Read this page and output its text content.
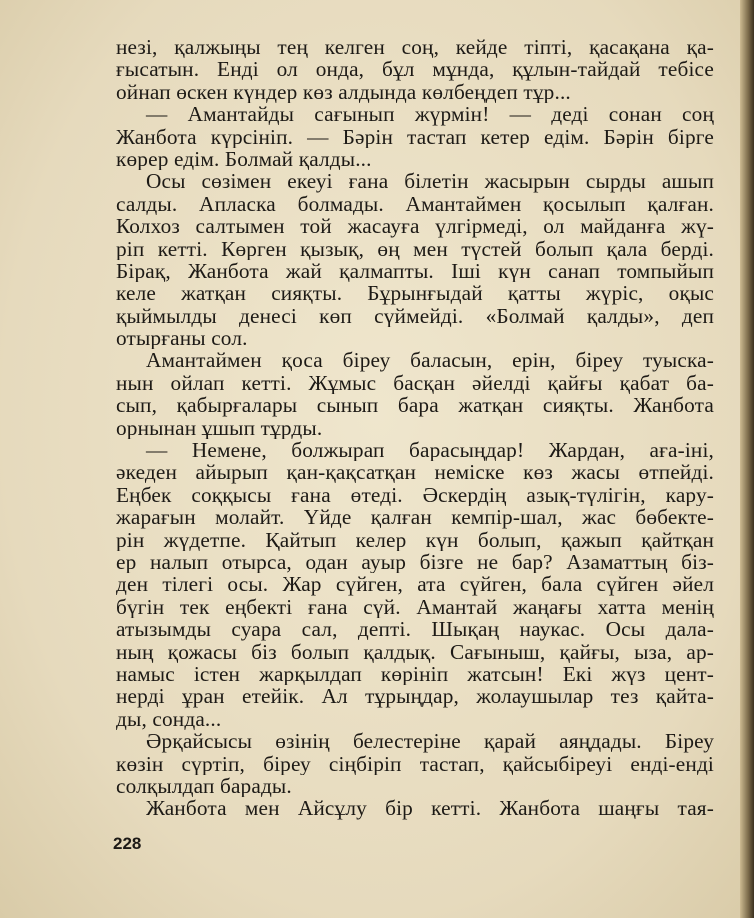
незі, қалжыңы тең келген соң, кейде тіпті, қасақана қа-
ғысатын. Енді ол онда, бұл мұнда, құлын-тайдай тебісе
ойнап өскен күндер көз алдында көлбеңдеп тұр...
— Амантайды сағынып жүрмін! — деді сонан соң
Жанбота күрсініп. — Бәрін тастап кетер едім. Бәрін бірге
көрер едім. Болмай қалды...
Осы сөзімен екеуі ғана білетін жасырын сырды ашып
салды. Апласка болмады. Амантаймен қосылып қалған.
Колхоз салтымен той жасауға үлгірмеді, ол майданға жү-
ріп кетті. Көрген қызық, өң мен түстей болып қала берді.
Бірақ, Жанбота жай қалмапты. Іші күн санап томпыйып
келе жатқан сияқты. Бұрынғыдай қатты жүріс, оқыс
қыймылды денесі көп сүймейді. «Болмай қалды», деп
отырғаны сол.
Амантаймен қоса біреу баласын, ерін, біреу туыска-
нын ойлап кетті. Жұмыс басқан әйелді қайғы қабат ба-
сып, қабырғалары сынып бара жатқан сияқты. Жанбота
орнынан ұшып тұрды.
— Немене, болжырап барасыңдар! Жардан, аға-іні,
әкеден айырып қан-қақсатқан неміске көз жасы өтпейді.
Еңбек соққысы ғана өтеді. Әскердің азық-түлігін, кару-
жарағын молайт. Үйде қалған кемпір-шал, жас бөбекте-
рін жүдетпе. Қайтып келер күн болып, қажып қайтқан
ер налып отырса, одан ауыр бізге не бар? Азаматтың біз-
ден тілегі осы. Жар сүйген, ата сүйген, бала сүйген әйел
бүгін тек еңбекті ғана сүй. Амантай жаңағы хатта менің
атызымды суара сал, депті. Шықаң наукас. Осы дала-
ның қожасы біз болып қалдық. Сағыныш, қайғы, ыза, ар-
намыс істен жарқылдап көрініп жатсын! Екі жүз цент-
нерді ұран етейік. Ал тұрыңдар, жолаушылар тез қайта-
ды, сонда...
Әрқайсысы өзінің белестеріне қарай аяңдады. Біреу
көзін сүртіп, біреу сіңбіріп тастап, қайсыбіреуі енді-енді
солқылдап барады.
Жанбота мен Айсұлу бір кетті. Жанбота шаңғы тая-
228
